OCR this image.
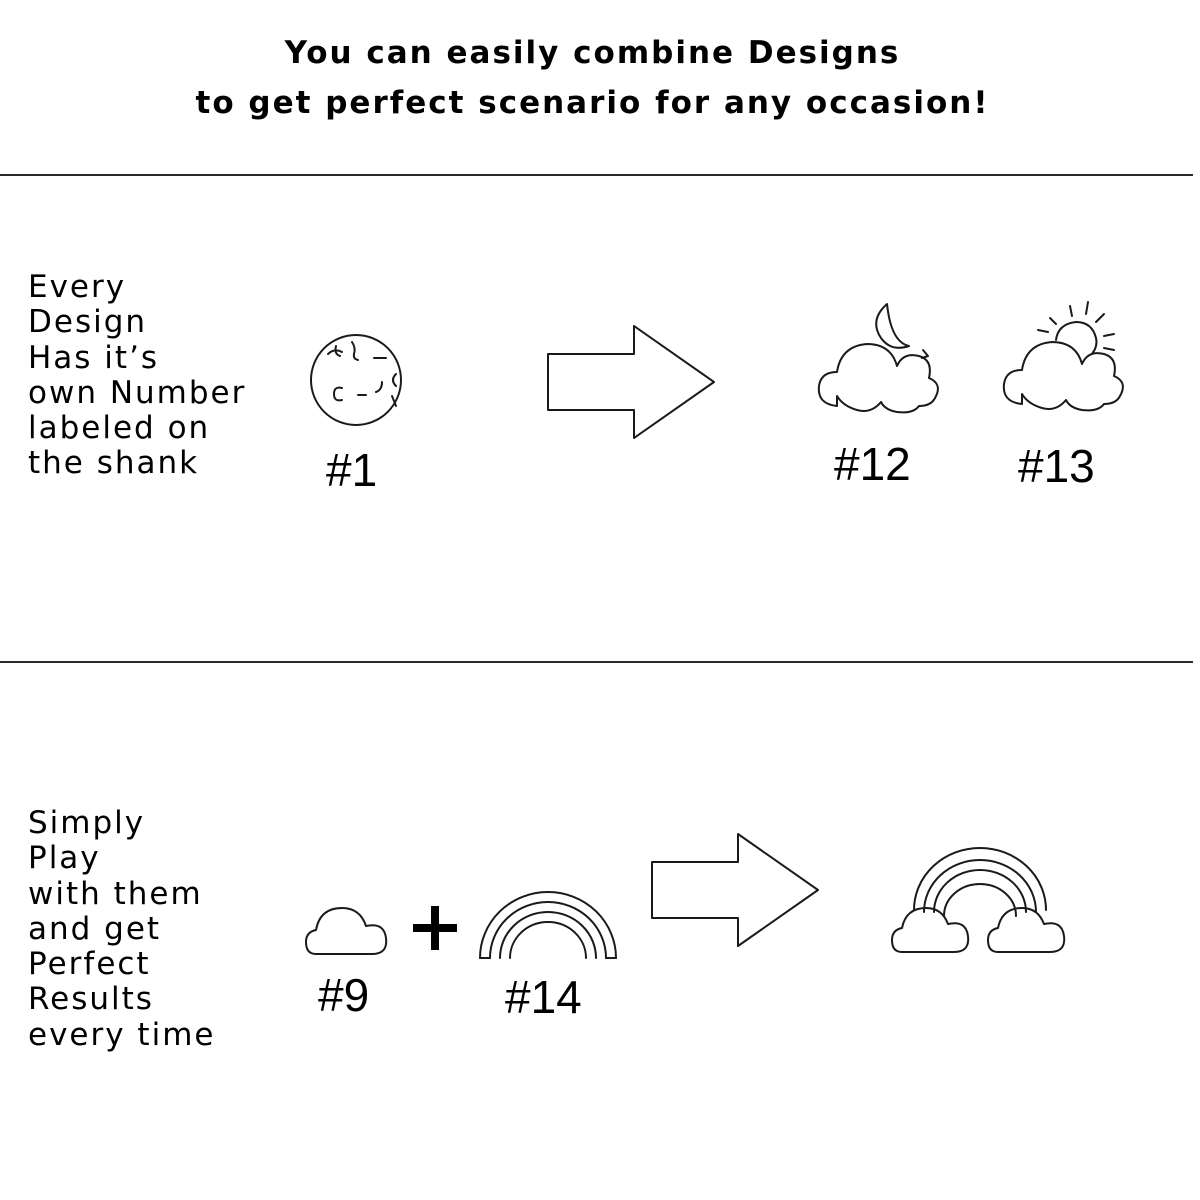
You can easily combine Designs
to get perfect scenario for any occasion!
Every
Design
Has it’s
own Number
labeled on
the shank	#1	#12 #13
Simply
Play
with them
and get
Perfect
Results
every time
#9	#14
